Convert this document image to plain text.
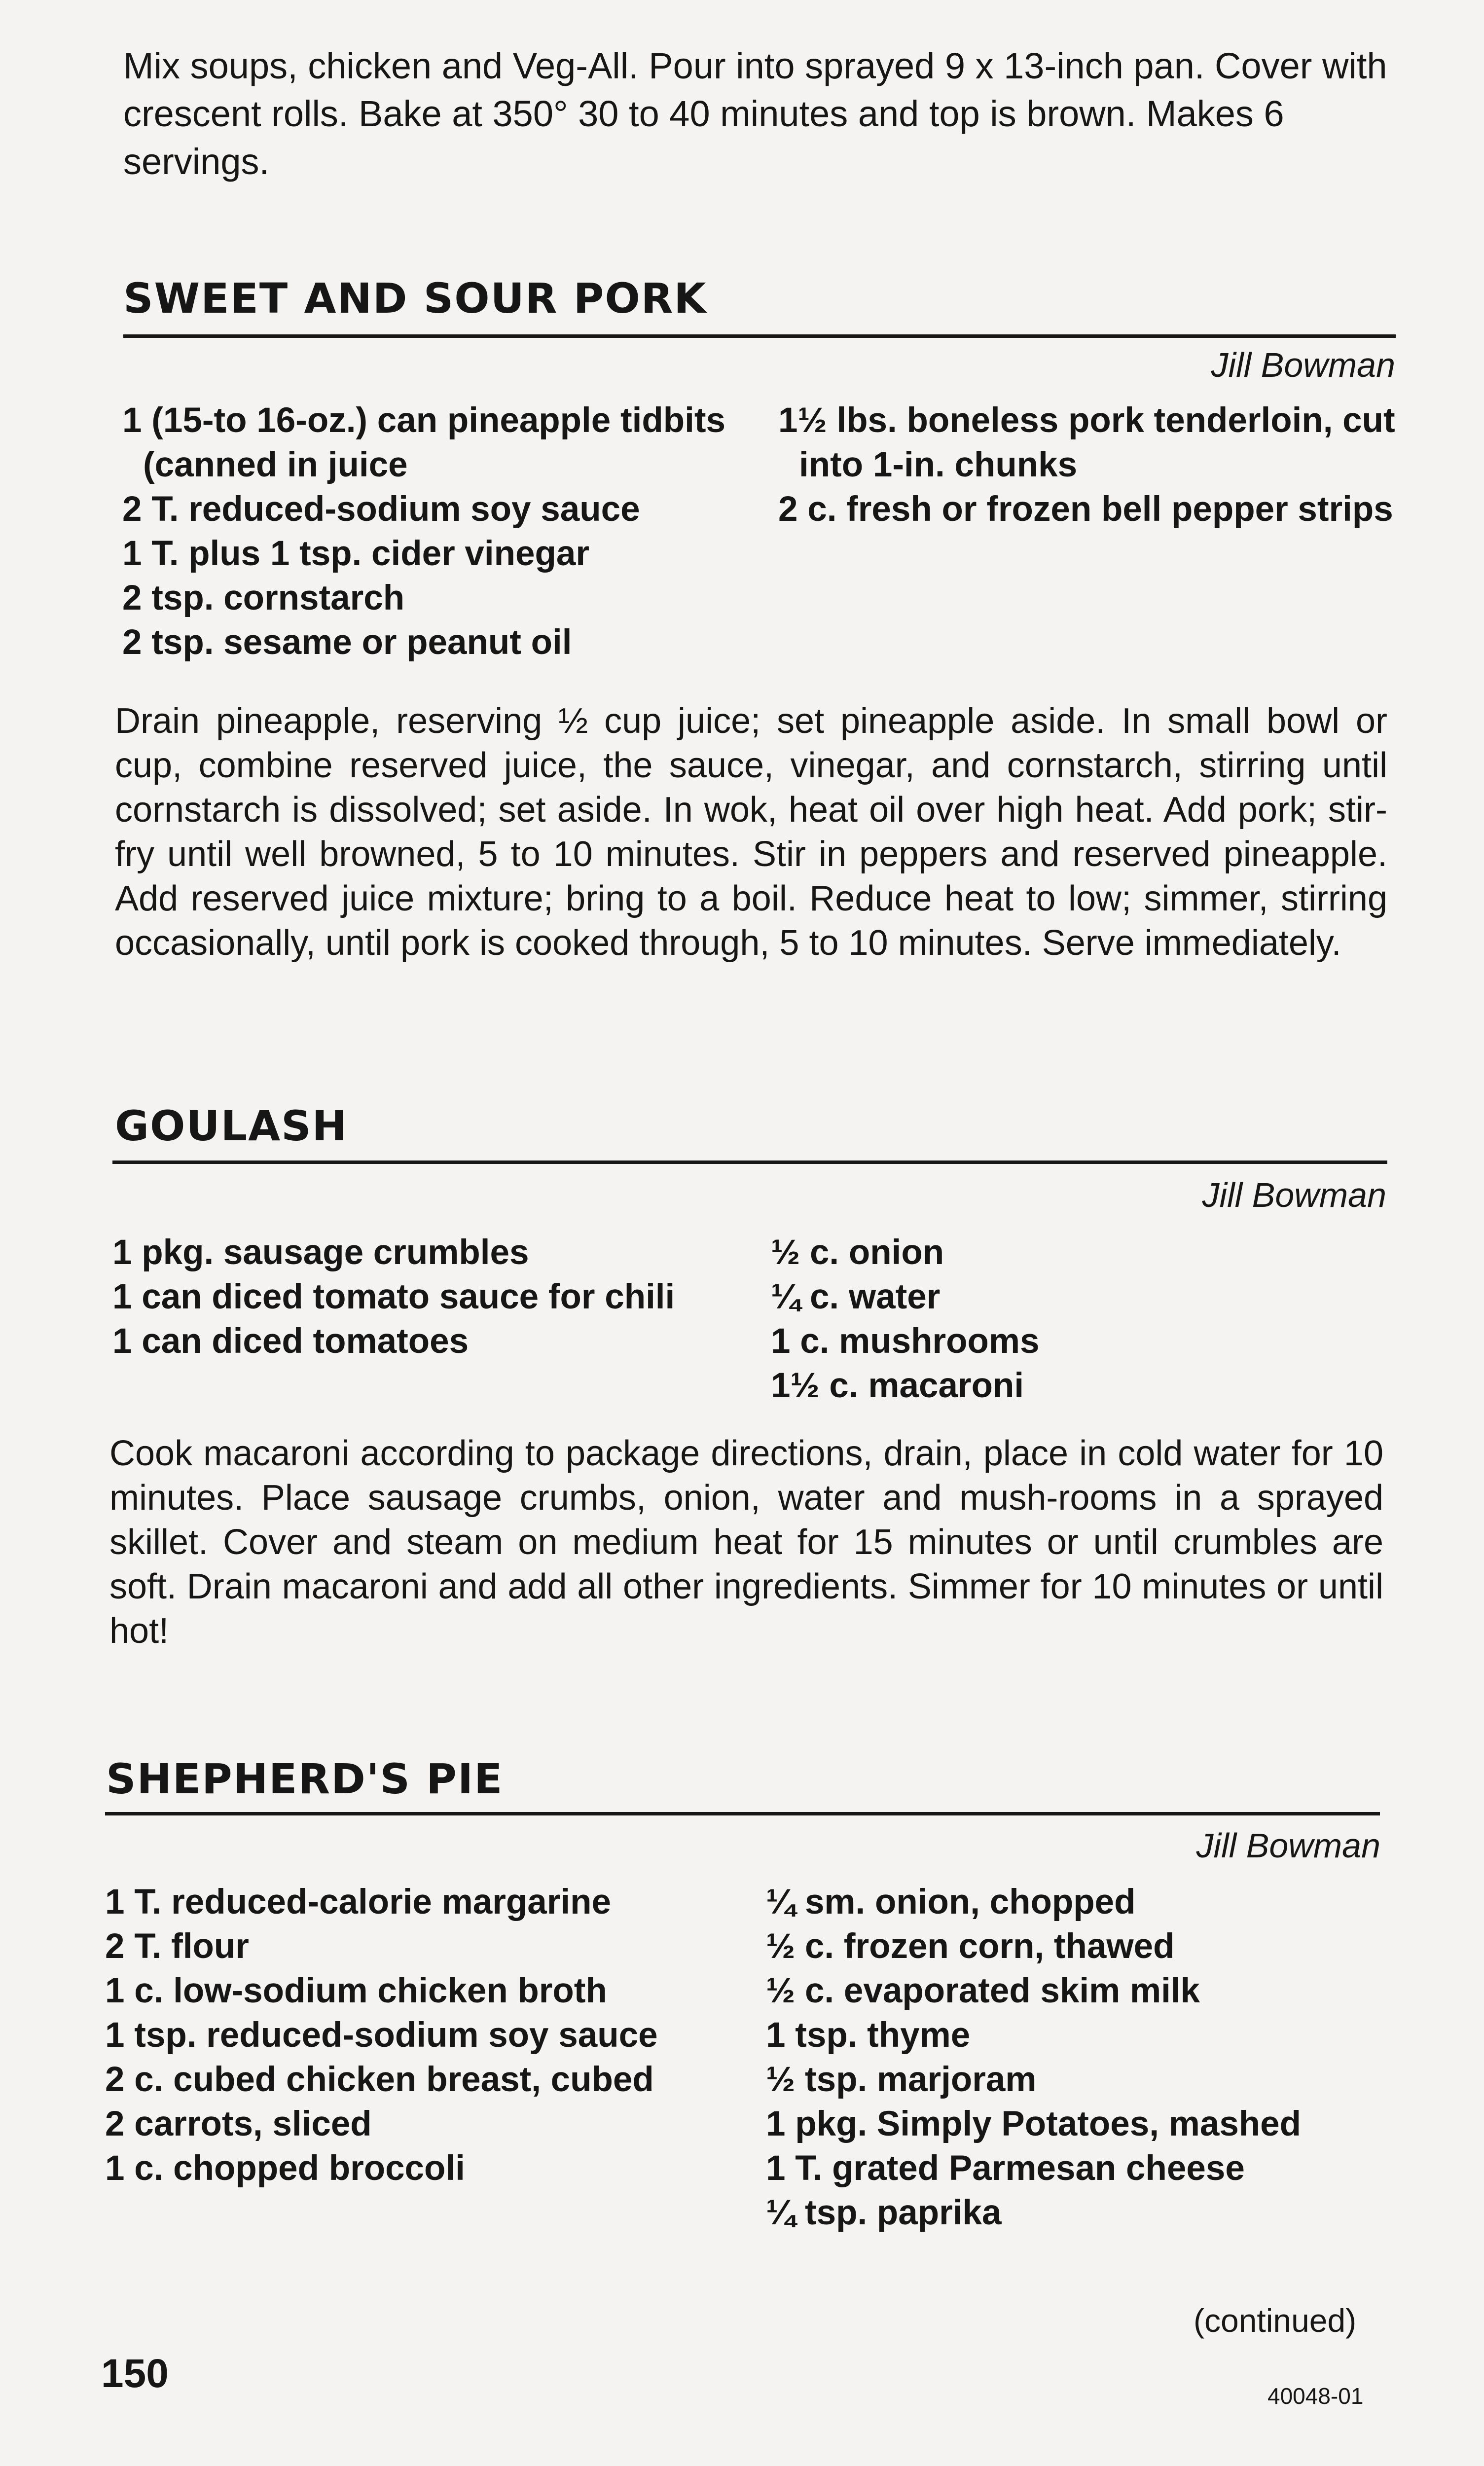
Mix soups, chicken and Veg-All. Pour into sprayed 9 x 13-inch pan. Cover with crescent rolls. Bake at 350° 30 to 40 minutes and top is brown. Makes 6 servings.

SWEET AND SOUR PORK

Jill Bowman

1 (15-to 16-oz.) can pineapple tidbits (canned in juice
2 T. reduced-sodium soy sauce
1 T. plus 1 tsp. cider vinegar
2 tsp. cornstarch
2 tsp. sesame or peanut oil
1½ lbs. boneless pork tenderloin, cut into 1-in. chunks
2 c. fresh or frozen bell pepper strips

Drain pineapple, reserving ½ cup juice; set pineapple aside. In small bowl or cup, combine reserved juice, the sauce, vinegar, and cornstarch, stirring until cornstarch is dissolved; set aside. In wok, heat oil over high heat. Add pork; stir-fry until well browned, 5 to 10 minutes. Stir in peppers and reserved pineapple. Add reserved juice mixture; bring to a boil. Reduce heat to low; simmer, stirring occasionally, until pork is cooked through, 5 to 10 minutes. Serve immediately.

GOULASH

Jill Bowman

1 pkg. sausage crumbles
1 can diced tomato sauce for chili
1 can diced tomatoes
½ c. onion
¼ c. water
1 c. mushrooms
1½ c. macaroni

Cook macaroni according to package directions, drain, place in cold water for 10 minutes. Place sausage crumbs, onion, water and mush-rooms in a sprayed skillet. Cover and steam on medium heat for 15 minutes or until crumbles are soft. Drain macaroni and add all other ingredients. Simmer for 10 minutes or until hot!

SHEPHERD'S PIE

Jill Bowman

1 T. reduced-calorie margarine
2 T. flour
1 c. low-sodium chicken broth
1 tsp. reduced-sodium soy sauce
2 c. cubed chicken breast, cubed
2 carrots, sliced
1 c. chopped broccoli
¼ sm. onion, chopped
½ c. frozen corn, thawed
½ c. evaporated skim milk
1 tsp. thyme
½ tsp. marjoram
1 pkg. Simply Potatoes, mashed
1 T. grated Parmesan cheese
¼ tsp. paprika

(continued)

150	40048-01
